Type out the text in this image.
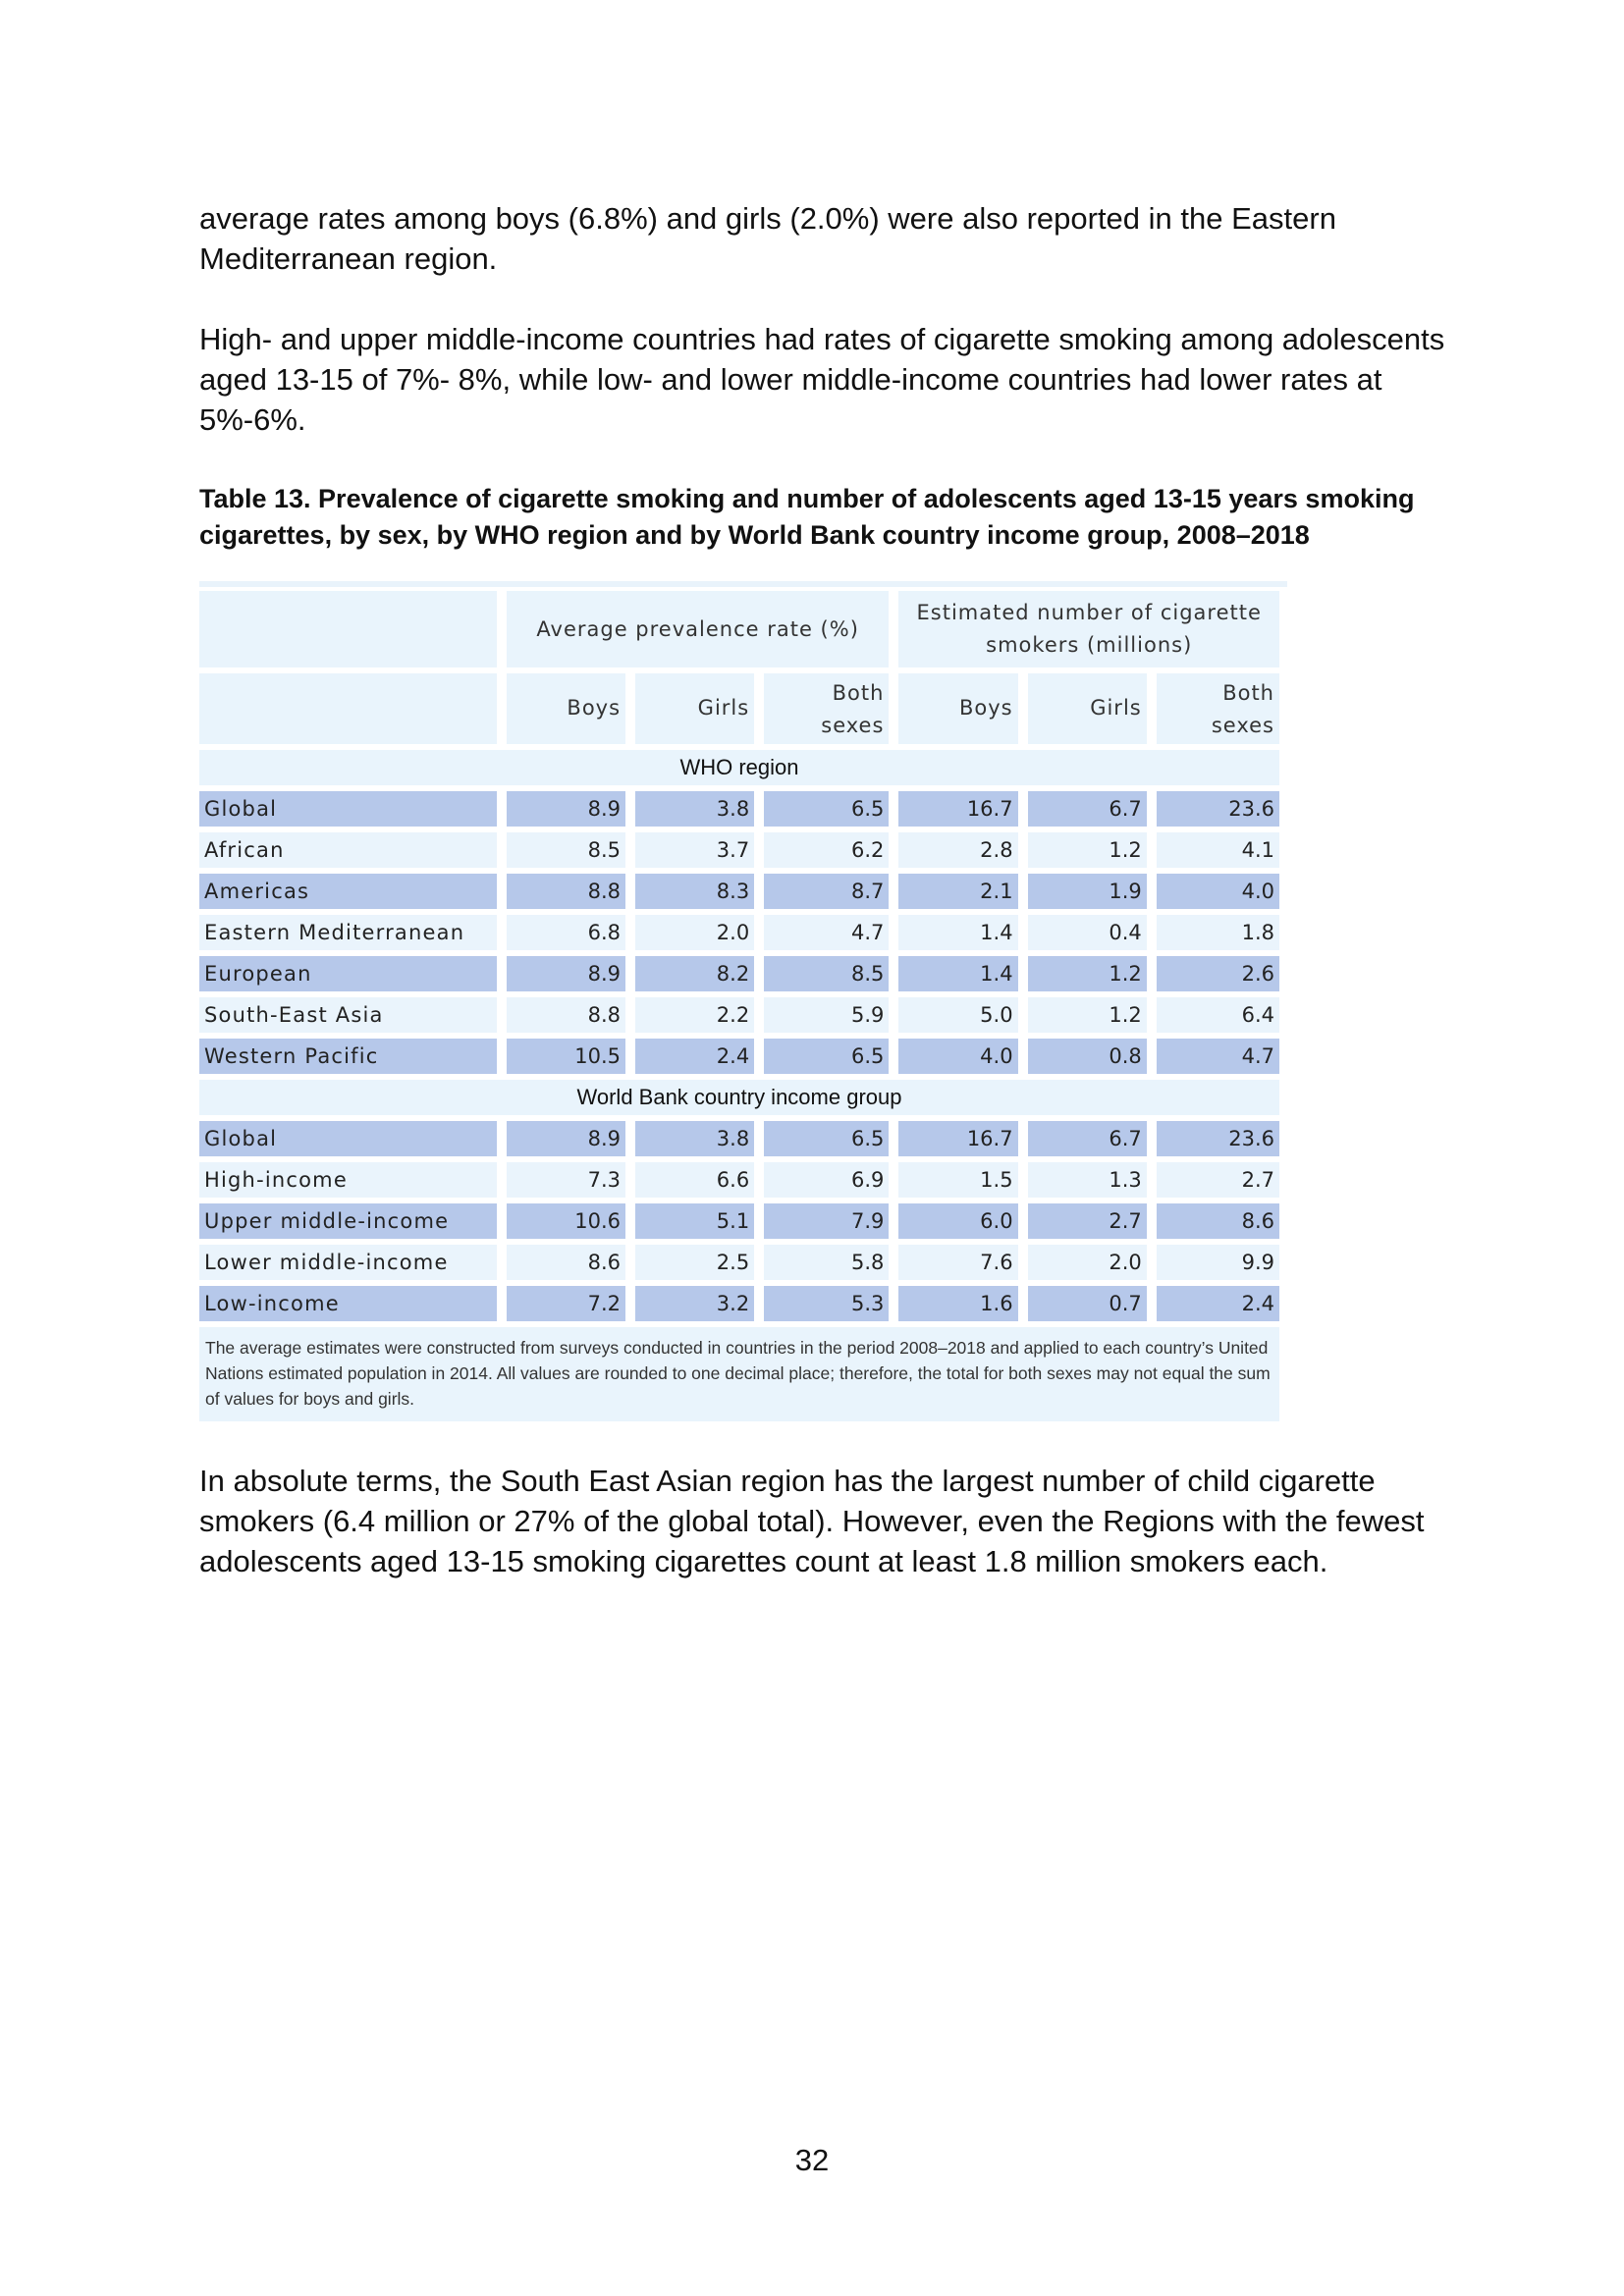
average rates among boys (6.8%) and girls (2.0%) were also reported in the Eastern Mediterranean region.

High- and upper middle-income countries had rates of cigarette smoking among adolescents aged 13-15 of 7%- 8%, while low- and lower middle-income countries had lower rates at 5%-6%.

Table 13. Prevalence of cigarette smoking and number of adolescents aged 13-15 years smoking cigarettes, by sex, by WHO region and by World Bank country income group, 2008–2018

	Average prevalence rate (%)			Estimated number of cigarette smokers (millions)		
	Boys	Girls	Both sexes	Boys	Girls	Both sexes
WHO region						
Global	8.9	3.8	6.5	16.7	6.7	23.6
African	8.5	3.7	6.2	2.8	1.2	4.1
Americas	8.8	8.3	8.7	2.1	1.9	4.0
Eastern Mediterranean	6.8	2.0	4.7	1.4	0.4	1.8
European	8.9	8.2	8.5	1.4	1.2	2.6
South-East Asia	8.8	2.2	5.9	5.0	1.2	6.4
Western Pacific	10.5	2.4	6.5	4.0	0.8	4.7
World Bank country income group						
Global	8.9	3.8	6.5	16.7	6.7	23.6
High-income	7.3	6.6	6.9	1.5	1.3	2.7
Upper middle-income	10.6	5.1	7.9	6.0	2.7	8.6
Lower middle-income	8.6	2.5	5.8	7.6	2.0	9.9
Low-income	7.2	3.2	5.3	1.6	0.7	2.4
The average estimates were constructed from surveys conducted in countries in the period 2008–2018 and applied to each country’s United Nations estimated population in 2014. All values are rounded to one decimal place; therefore, the total for both sexes may not equal the sum of values for boys and girls.						

In absolute terms, the South East Asian region has the largest number of child cigarette smokers (6.4 million or 27% of the global total). However, even the Regions with the fewest adolescents aged 13-15 smoking cigarettes count at least 1.8 million smokers each.

32
